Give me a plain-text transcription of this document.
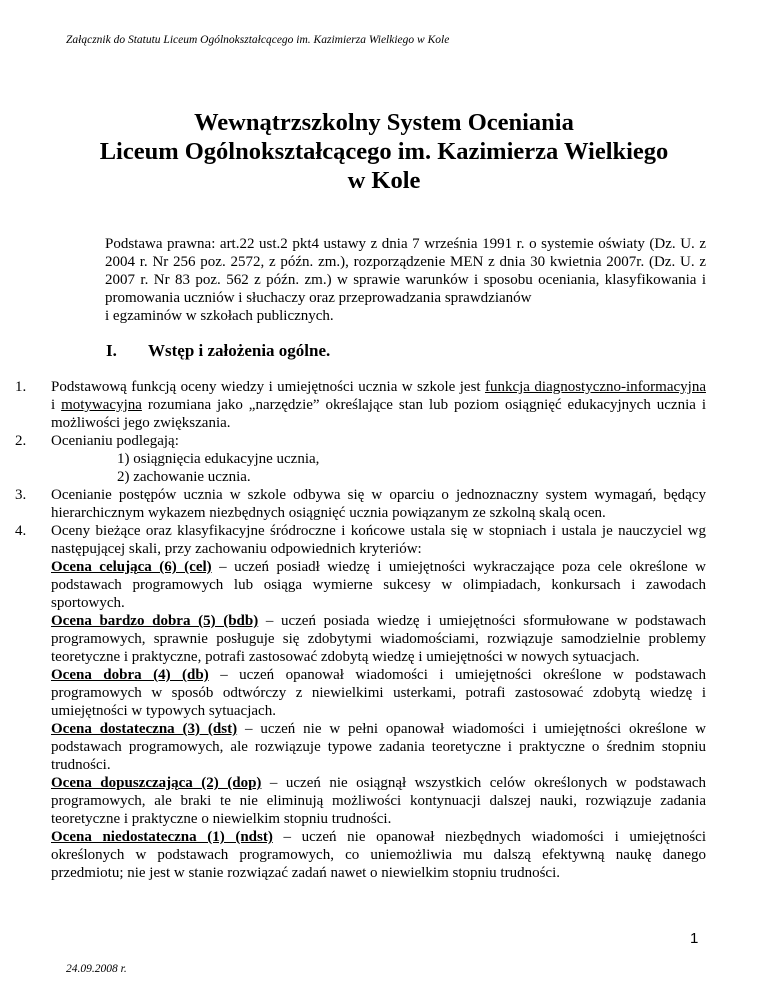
Załącznik do Statutu Liceum Ogólnokształcącego im. Kazimierza Wielkiego w Kole
Wewnątrzszkolny System Oceniania
Liceum Ogólnokształcącego im. Kazimierza Wielkiego
w Kole
Podstawa prawna: art.22 ust.2 pkt4 ustawy z dnia 7 września 1991 r. o systemie oświaty (Dz. U. z 2004 r. Nr 256 poz. 2572, z późn. zm.), rozporządzenie MEN z dnia 30 kwietnia 2007r. (Dz. U. z 2007 r. Nr 83 poz. 562 z późn. zm.) w sprawie warunków i sposobu oceniania, klasyfikowania i promowania uczniów i słuchaczy oraz przeprowadzania sprawdzianów
i egzaminów w szkołach publicznych.
I. Wstęp i założenia ogólne.
1.	Podstawową funkcją oceny wiedzy i umiejętności ucznia w szkole jest funkcja diagnostyczno-informacyjna i motywacyjna rozumiana jako „narzędzie” określające stan lub poziom osiągnięć edukacyjnych ucznia i możliwości jego zwiększania.
2.	Ocenianiu podlegają:
1) osiągnięcia edukacyjne ucznia,
2) zachowanie ucznia.
3.	Ocenianie postępów ucznia w szkole odbywa się w oparciu o jednoznaczny system wymagań, będący hierarchicznym wykazem niezbędnych osiągnięć ucznia powiązanym ze szkolną skalą ocen.
4.	Oceny bieżące oraz klasyfikacyjne śródroczne i końcowe ustala się w stopniach i ustala je nauczyciel wg następującej skali, przy zachowaniu odpowiednich kryteriów:
Ocena celująca (6) (cel) – uczeń posiadł wiedzę i umiejętności wykraczające poza cele określone w podstawach programowych lub osiąga wymierne sukcesy w olimpiadach, konkursach i zawodach sportowych.
Ocena bardzo dobra (5) (bdb) – uczeń posiada wiedzę i umiejętności sformułowane w podstawach programowych, sprawnie posługuje się zdobytymi wiadomościami, rozwiązuje samodzielnie problemy teoretyczne i praktyczne, potrafi zastosować zdobytą wiedzę i umiejętności w nowych sytuacjach.
Ocena dobra (4) (db) – uczeń opanował wiadomości i umiejętności określone w podstawach programowych w sposób odtwórczy z niewielkimi usterkami, potrafi zastosować zdobytą wiedzę i umiejętności w typowych sytuacjach.
Ocena dostateczna (3) (dst) – uczeń nie w pełni opanował wiadomości i umiejętności określone w podstawach programowych, ale rozwiązuje typowe zadania teoretyczne i praktyczne o średnim stopniu trudności.
Ocena dopuszczająca (2) (dop) – uczeń nie osiągnął wszystkich celów określonych w podstawach programowych, ale braki te nie eliminują możliwości kontynuacji dalszej nauki, rozwiązuje zadania teoretyczne i praktyczne o niewielkim stopniu trudności.
Ocena niedostateczna (1) (ndst) – uczeń nie opanował niezbędnych wiadomości i umiejętności określonych w podstawach programowych, co uniemożliwia mu dalszą efektywną naukę danego przedmiotu; nie jest w stanie rozwiązać zadań nawet o niewielkim stopniu trudności.
1
24.09.2008 r.
